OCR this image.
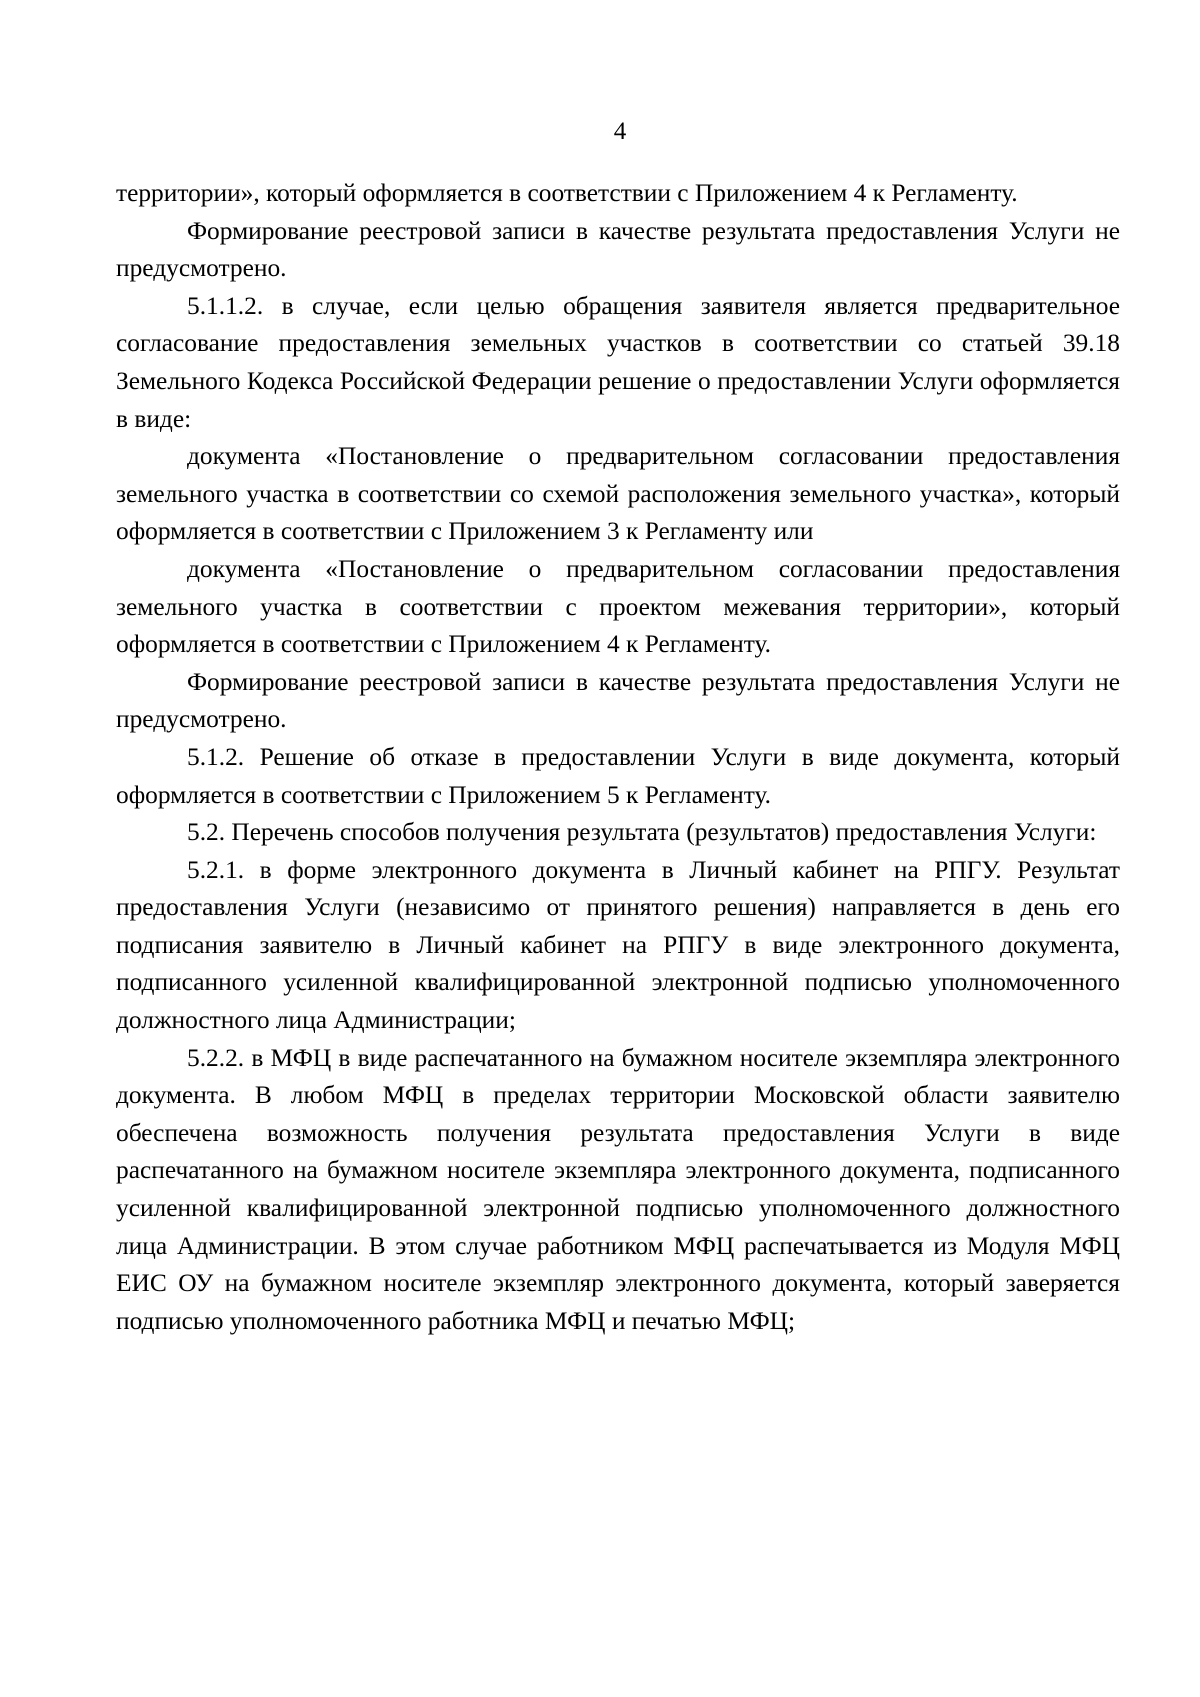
4

территории», который оформляется в соответствии с Приложением 4 к Регламенту.

Формирование реестровой записи в качестве результата предоставления Услуги не предусмотрено.

5.1.1.2. в случае, если целью обращения заявителя является предварительное согласование предоставления земельных участков в соответствии со статьей 39.18 Земельного Кодекса Российской Федерации решение о предоставлении Услуги оформляется в виде:

документа «Постановление о предварительном согласовании предоставления земельного участка в соответствии со схемой расположения земельного участка», который оформляется в соответствии с Приложением 3 к Регламенту или

документа «Постановление о предварительном согласовании предоставления земельного участка в соответствии с проектом межевания территории», который оформляется в соответствии с Приложением 4 к Регламенту.

Формирование реестровой записи в качестве результата предоставления Услуги не предусмотрено.

5.1.2. Решение об отказе в предоставлении Услуги в виде документа, который оформляется в соответствии с Приложением 5 к Регламенту.

5.2. Перечень способов получения результата (результатов) предоставления Услуги:

5.2.1. в форме электронного документа в Личный кабинет на РПГУ. Результат предоставления Услуги (независимо от принятого решения) направляется в день его подписания заявителю в Личный кабинет на РПГУ в виде электронного документа, подписанного усиленной квалифицированной электронной подписью уполномоченного должностного лица Администрации;

5.2.2. в МФЦ в виде распечатанного на бумажном носителе экземпляра электронного документа. В любом МФЦ в пределах территории Московской области заявителю обеспечена возможность получения результата предоставления Услуги в виде распечатанного на бумажном носителе экземпляра электронного документа, подписанного усиленной квалифицированной электронной подписью уполномоченного должностного лица Администрации. В этом случае работником МФЦ распечатывается из Модуля МФЦ ЕИС ОУ на бумажном носителе экземпляр электронного документа, который заверяется подписью уполномоченного работника МФЦ и печатью МФЦ;
